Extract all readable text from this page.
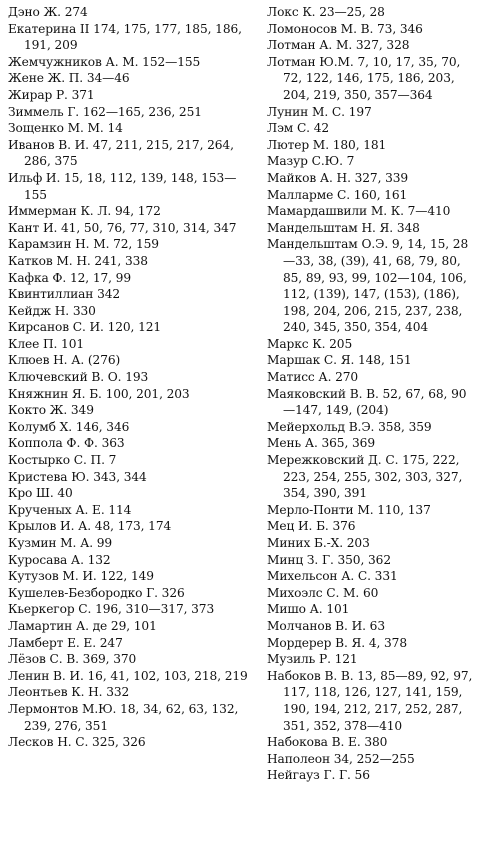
Дэно Ж. 274
Екатерина II 174, 175, 177, 185, 186, 191, 209
Жемчужников А. М. 152—155
Жене Ж. П. 34—46
Жирар Р. 371
Зиммель Г. 162—165, 236, 251
Зощенко М. М. 14
Иванов В. И. 47, 211, 215, 217, 264, 286, 375
Ильф И. 15, 18, 112, 139, 148, 153—155
Иммерман К. Л. 94, 172
Кант И. 41, 50, 76, 77, 310, 314, 347
Карамзин Н. М. 72, 159
Катков М. Н. 241, 338
Кафка Ф. 12, 17, 99
Квинтиллиан 342
Кейдж Н. 330
Кирсанов С. И. 120, 121
Клее П. 101
Клюев Н. А. (276)
Ключевский В. О. 193
Княжнин Я. Б. 100, 201, 203
Кокто Ж. 349
Колумб Х. 146, 346
Коппола Ф. Ф. 363
Костырко С. П. 7
Кристева Ю. 343, 344
Кро Ш. 40
Крученых А. Е. 114
Крылов И. А. 48, 173, 174
Кузмин М. А. 99
Куросава А. 132
Кутузов М. И. 122, 149
Кушелев-Безбородко Г. 326
Кьеркегор С. 196, 310—317, 373
Ламартин А. де 29, 101
Ламберт Е. Е. 247
Лёзов С. В. 369, 370
Ленин В. И. 16, 41, 102, 103, 218, 219
Леонтьев К. Н. 332
Лермонтов М.Ю. 18, 34, 62, 63, 132, 239, 276, 351
Лесков Н. С. 325, 326
Локс К. 23—25, 28
Ломоносов М. В. 73, 346
Лотман А. М. 327, 328
Лотман Ю.М. 7, 10, 17, 35, 70, 72, 122, 146, 175, 186, 203, 204, 219, 350, 357—364
Лунин М. С. 197
Лэм С. 42
Лютер М. 180, 181
Мазур С.Ю. 7
Майков А. Н. 327, 339
Малларме С. 160, 161
Мамардашвили М. К. 7—410
Мандельштам Н. Я. 348
Мандельштам О.Э. 9, 14, 15, 28—33, 38, (39), 41, 68, 79, 80, 85, 89, 93, 99, 102—104, 106, 112, (139), 147, (153), (186), 198, 204, 206, 215, 237, 238, 240, 345, 350, 354, 404
Маркс К. 205
Маршак С. Я. 148, 151
Матисс А. 270
Маяковский В. В. 52, 67, 68, 90—147, 149, (204)
Мейерхольд В.Э. 358, 359
Мень А. 365, 369
Мережковский Д. С. 175, 222, 223, 254, 255, 302, 303, 327, 354, 390, 391
Мерло-Понти М. 110, 137
Мец И. Б. 376
Миних Б.-Х. 203
Минц З. Г. 350, 362
Михельсон А. С. 331
Михоэлс С. М. 60
Мишо А. 101
Молчанов В. И. 63
Мордерер В. Я. 4, 378
Музиль Р. 121
Набоков В. В. 13, 85—89, 92, 97, 117, 118, 126, 127, 141, 159, 190, 194, 212, 217, 252, 287, 351, 352, 378—410
Набокова В. Е. 380
Наполеон 34, 252—255
Нейгауз Г. Г. 56
